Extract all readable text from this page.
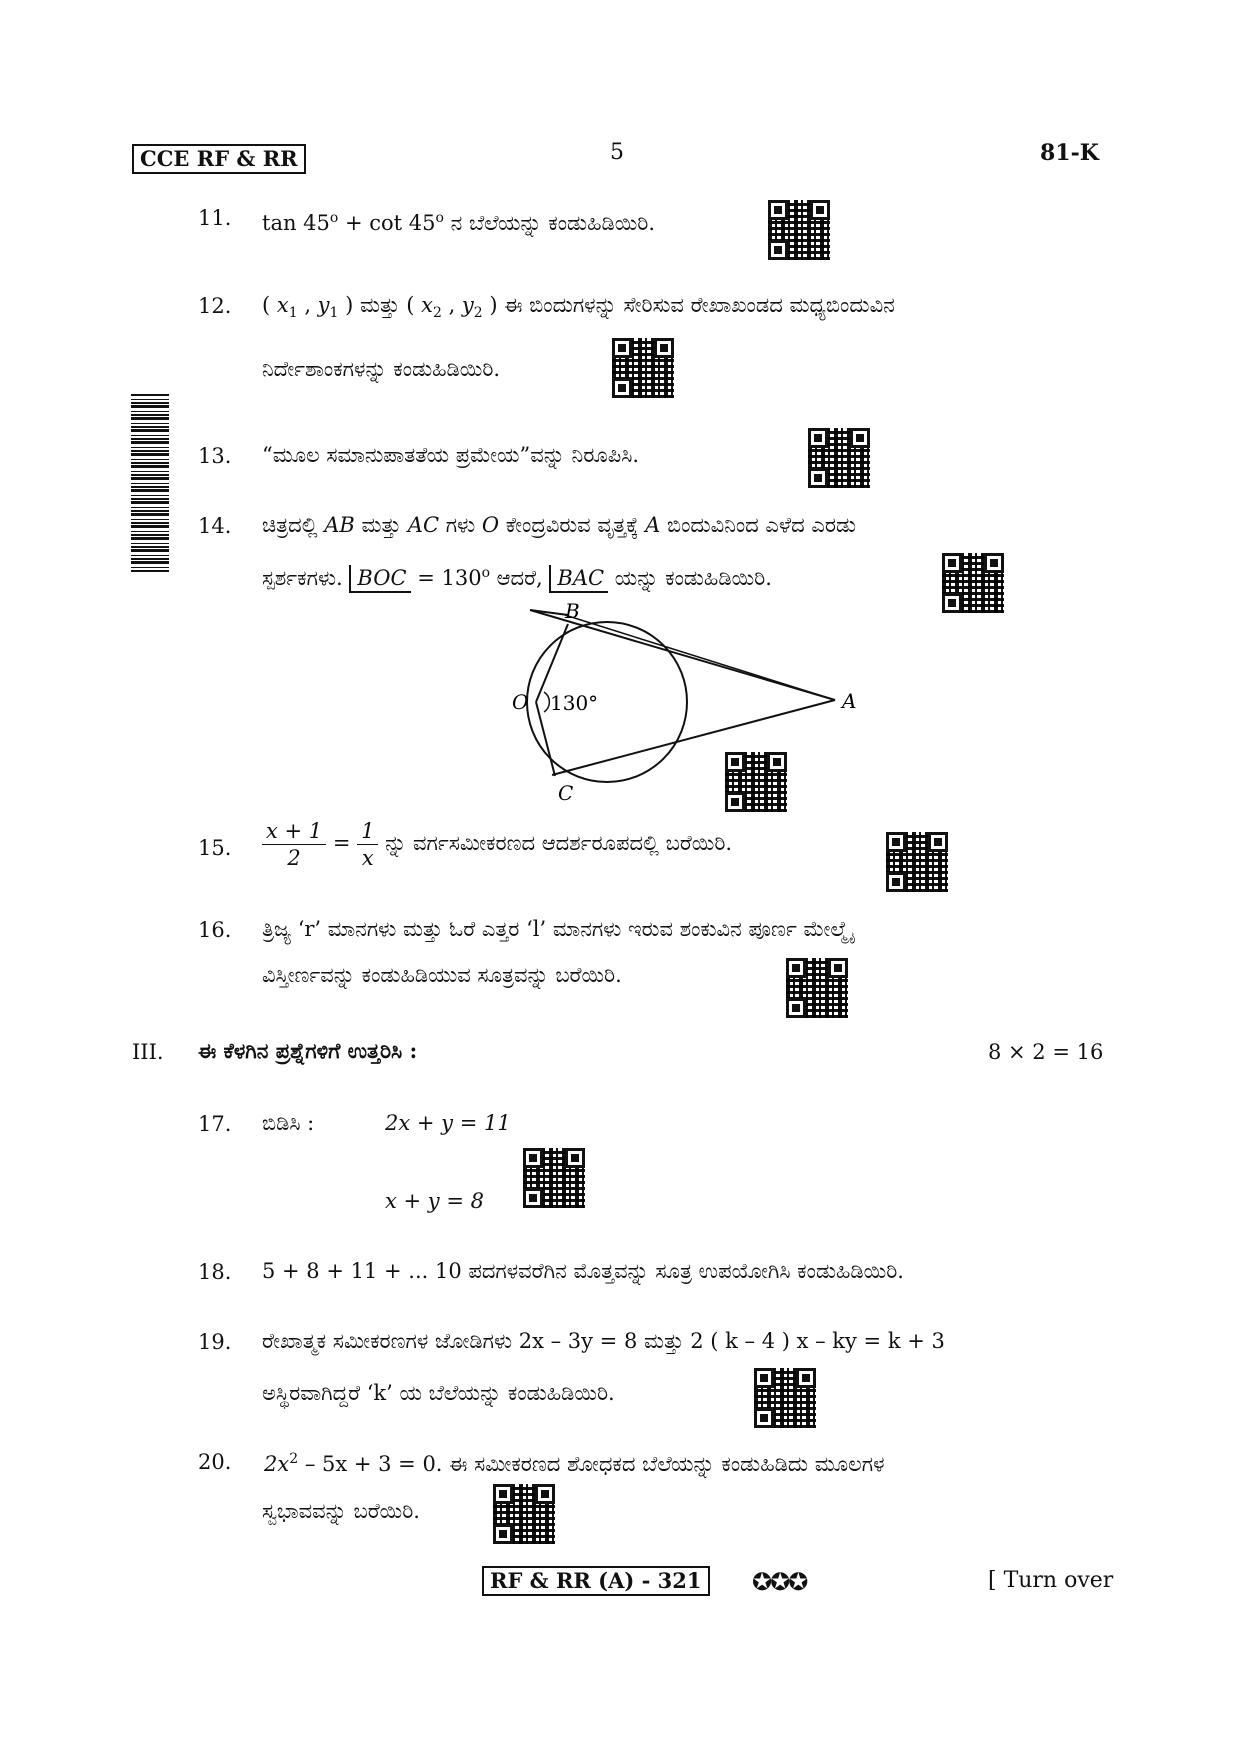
CCE RF & RR	5	81-K
11. $\tan 45^o + \cot 45^o$ ನ ಬೆಲೆಯನ್ನು ಕಂಡುಹಿಡಿಯಿರಿ.
12. ( $x_1$ , $y_1$ ) ಮತ್ತು ( $x_2$ , $y_2$ ) ಈ ಬಿಂದುಗಳನ್ನು ಸೇರಿಸುವ ರೇಖಾಖಂಡದ ಮಧ್ಯಬಿಂದುವಿನ
ನಿರ್ದೇಶಾಂಕಗಳನ್ನು ಕಂಡುಹಿಡಿಯಿರಿ.
13. “ಮೂಲ ಸಮಾನುಪಾತತೆಯ ಪ್ರಮೇಯ”ವನ್ನು ನಿರೂಪಿಸಿ.
14. ಚಿತ್ರದಲ್ಲಿ AB ಮತ್ತು AC ಗಳು O ಕೇಂದ್ರವಿರುವ ವೃತ್ತಕ್ಕೆ A ಬಿಂದುವಿನಿಂದ ಎಳೆದ ಎರಡು
ಸ್ಪರ್ಶಕಗಳು. BOC = $130^o$ ಆದರೆ, BAC ಯನ್ನು ಕಂಡುಹಿಡಿಯಿರಿ.
B
C
O	A
130°
15. $\frac{x + 1}{2} = \frac{1}{x}$ ನ್ನು ವರ್ಗಸಮೀಕರಣದ ಆದರ್ಶರೂಪದಲ್ಲಿ ಬರೆಯಿರಿ.
16. ತ್ರಿಜ್ಯ ‘r’ ಮಾನಗಳು ಮತ್ತು ಓರೆ ಎತ್ತರ ‘l’ ಮಾನಗಳು ಇರುವ ಶಂಕುವಿನ ಪೂರ್ಣ ಮೇಲ್ಮೈ
ವಿಸ್ತೀರ್ಣವನ್ನು ಕಂಡುಹಿಡಿಯುವ ಸೂತ್ರವನ್ನು ಬರೆಯಿರಿ.
III. ಈ ಕೆಳಗಿನ ಪ್ರಶ್ನೆಗಳಿಗೆ ಉತ್ತರಿಸಿ :	8 × 2 = 16
17. ಬಿಡಿಸಿ :	2x + y = 11
x + y = 8
18. 5 + 8 + 11 + ... 10 ಪದಗಳವರೆಗಿನ ಮೊತ್ತವನ್ನು ಸೂತ್ರ ಉಪಯೋಗಿಸಿ ಕಂಡುಹಿಡಿಯಿರಿ.
19. ರೇಖಾತ್ಮಕ ಸಮೀಕರಣಗಳ ಜೋಡಿಗಳು 2x – 3y = 8 ಮತ್ತು 2 ( k – 4 ) x – ky = k + 3
ಅಸ್ಥಿರವಾಗಿದ್ದರೆ ‘k’ ಯ ಬೆಲೆಯನ್ನು ಕಂಡುಹಿಡಿಯಿರಿ.
20. $2x^2 - 5x + 3 = 0$. ಈ ಸಮೀಕರಣದ ಶೋಧಕದ ಬೆಲೆಯನ್ನು ಕಂಡುಹಿಡಿದು ಮೂಲಗಳ
ಸ್ವಭಾವವನ್ನು ಬರೆಯಿರಿ.
RF & RR (A) - 321	✪✪✪	[ Turn over
